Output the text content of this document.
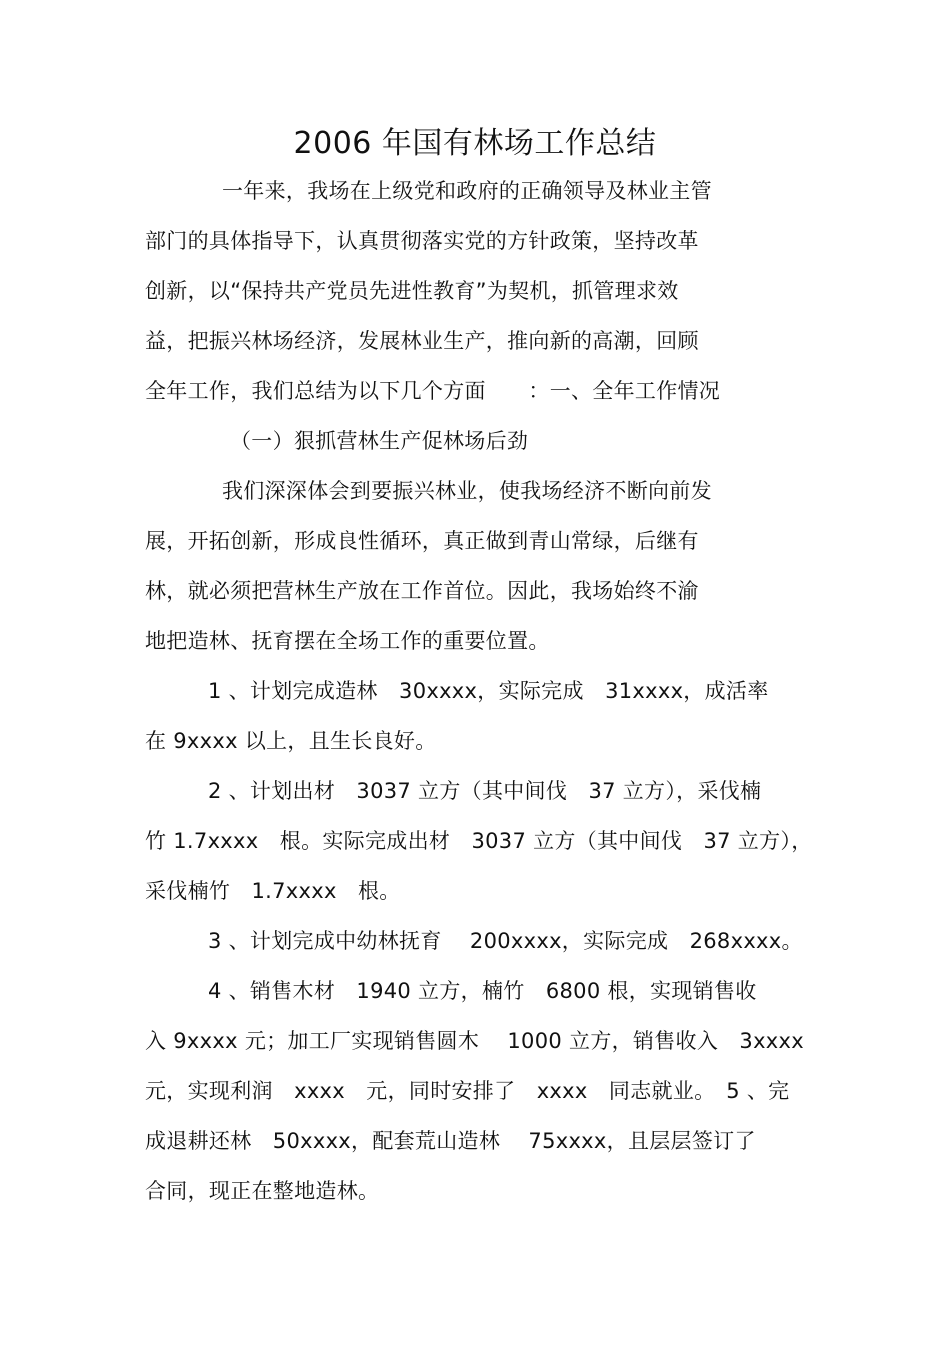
2006 年国有林场工作总结
一年来，我场在上级党和政府的正确领导及林业主管
部门的具体指导下，认真贯彻落实党的方针政策，坚持改革
创新，以“保持共产党员先进性教育”为契机，抓管理求效
益，把振兴林场经济，发展林业生产，推向新的高潮，回顾
全年工作，我们总结为以下几个方面　　：一、全年工作情况
（一）狠抓营林生产促林场后劲
我们深深体会到要振兴林业，使我场经济不断向前发
展，开拓创新，形成良性循环，真正做到青山常绿，后继有
林，就必须把营林生产放在工作首位。因此，我场始终不渝
地把造林、抚育摆在全场工作的重要位置。
1 、计划完成造林　30xxxx，实际完成　31xxxx，成活率
在 9xxxx 以上，且生长良好。
2 、计划出材　3037 立方（其中间伐　37 立方），采伐楠
竹 1.7xxxx　根。实际完成出材　3037 立方（其中间伐　37 立方），
采伐楠竹　1.7xxxx　根。
3 、计划完成中幼林抚育　 200xxxx，实际完成　268xxxx。
4 、销售木材　1940 立方，楠竹　6800 根，实现销售收
入 9xxxx 元；加工厂实现销售圆木　 1000 立方，销售收入　3xxxx
元，实现利润　xxxx　元，同时安排了　xxxx　同志就业。　5 、完
成退耕还林　50xxxx，配套荒山造林　 75xxxx，且层层签订了
合同，现正在整地造林。
